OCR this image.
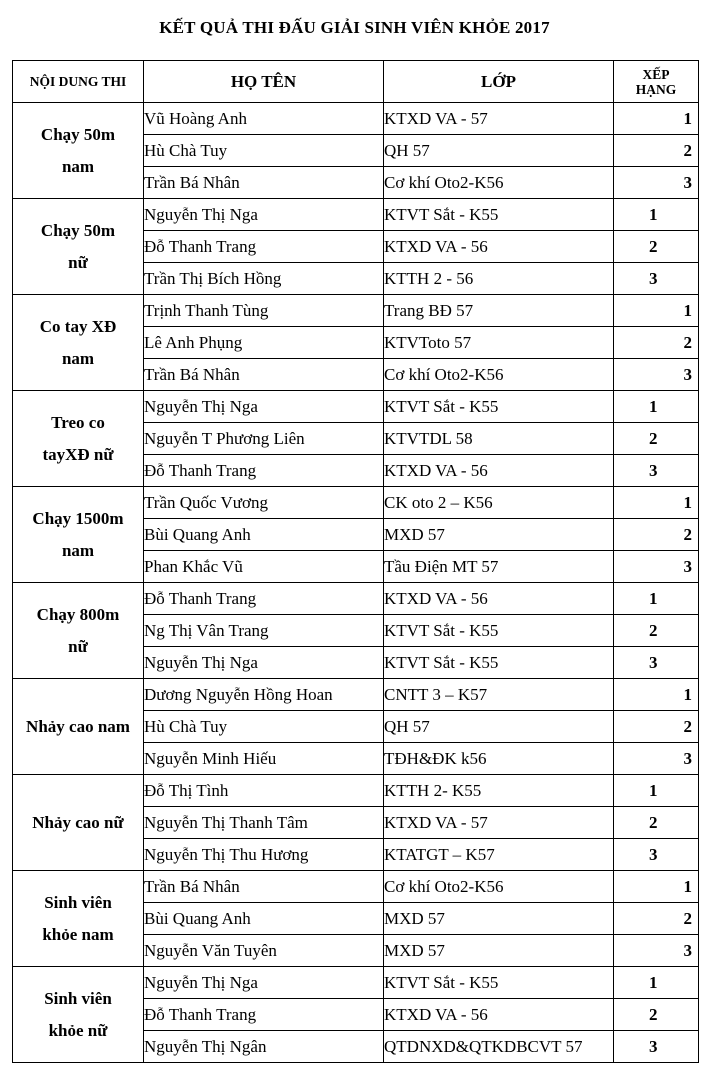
KẾT QUẢ THI ĐẤU GIẢI SINH VIÊN KHỎE 2017
NỘI DUNG THI	HỌ TÊN	LỚP	XẾP
HẠNG

Chạy 50m
nam	Vũ Hoàng Anh	KTXD VA - 57	1
	Hù Chà Tuy	QH 57	2
	Trần Bá Nhân	Cơ khí Oto2-K56	3

Chạy 50m
nữ	Nguyễn Thị Nga	KTVT Sắt - K55	1
	Đỗ Thanh Trang	KTXD VA - 56	2
	Trần Thị Bích Hồng	KTTH 2 - 56	3

Co tay XĐ
nam	Trịnh Thanh Tùng	Trang BĐ 57	1
	Lê Anh Phụng	KTVToto 57	2
	Trần Bá Nhân	Cơ khí Oto2-K56	3

Treo co
tayXĐ nữ	Nguyễn Thị Nga	KTVT Sắt - K55	1
	Nguyễn T Phương Liên	KTVTDL 58	2
	Đỗ Thanh Trang	KTXD VA - 56	3

Chạy 1500m
nam	Trần Quốc Vương	CK oto 2 – K56	1
	Bùi Quang Anh	MXD 57	2
	Phan Khắc Vũ	Tầu Điện MT 57	3

Chạy 800m
nữ	Đỗ Thanh Trang	KTXD VA - 56	1
	Ng Thị Vân Trang	KTVT Sắt - K55	2
	Nguyễn Thị Nga	KTVT Sắt - K55	3

Nhảy cao nam	Dương Nguyễn Hồng Hoan	CNTT 3 – K57	1
	Hù Chà Tuy	QH 57	2
	Nguyễn Minh Hiếu	TĐH&ĐK k56	3

Nhảy cao nữ	Đỗ Thị Tình	KTTH 2- K55	1
	Nguyễn Thị Thanh Tâm	KTXD VA - 57	2
	Nguyễn Thị Thu Hương	KTATGT – K57	3

Sinh viên
khỏe nam	Trần Bá Nhân	Cơ khí Oto2-K56	1
	Bùi Quang Anh	MXD 57	2
	Nguyễn Văn Tuyên	MXD 57	3

Sinh viên
khỏe nữ	Nguyễn Thị Nga	KTVT Sắt - K55	1
	Đỗ Thanh Trang	KTXD VA - 56	2
	Nguyễn Thị Ngân	QTDNXD&QTKDBCVT 57	3
